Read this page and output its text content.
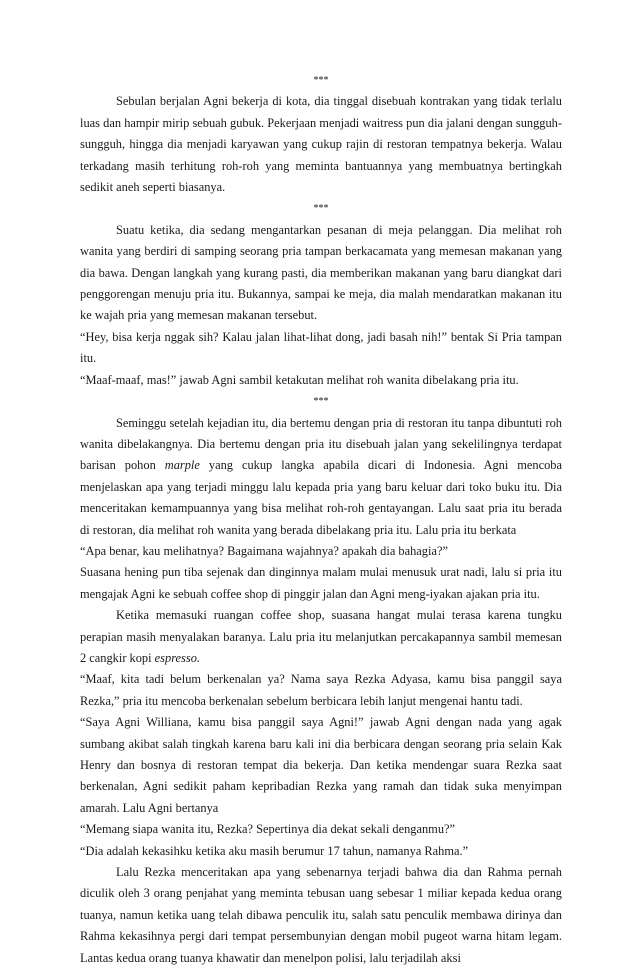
***

Sebulan berjalan Agni bekerja di kota, dia tinggal disebuah kontrakan yang tidak terlalu luas dan hampir mirip sebuah gubuk. Pekerjaan menjadi waitress pun dia jalani dengan sungguh-sungguh, hingga dia menjadi karyawan yang cukup rajin di restoran tempatnya bekerja. Walau terkadang masih terhitung roh-roh yang meminta bantuannya yang membuatnya bertingkah sedikit aneh seperti biasanya.

***

Suatu ketika, dia sedang mengantarkan pesanan di meja pelanggan. Dia melihat roh wanita yang berdiri di samping seorang pria tampan berkacamata yang memesan makanan yang dia bawa. Dengan langkah yang kurang pasti, dia memberikan makanan yang baru diangkat dari penggorengan menuju pria itu. Bukannya, sampai ke meja, dia malah mendaratkan makanan itu ke wajah pria yang memesan makanan tersebut.

“Hey, bisa kerja nggak sih? Kalau jalan lihat-lihat dong, jadi basah nih!” bentak Si Pria tampan itu.

“Maaf-maaf, mas!” jawab Agni sambil ketakutan melihat roh wanita dibelakang pria itu.

***

Seminggu setelah kejadian itu, dia bertemu dengan pria di restoran itu tanpa dibuntuti roh wanita dibelakangnya. Dia bertemu dengan pria itu disebuah jalan yang sekelilingnya terdapat barisan pohon marple yang cukup langka apabila dicari di Indonesia. Agni mencoba menjelaskan apa yang terjadi minggu lalu kepada pria yang baru keluar dari toko buku itu. Dia menceritakan kemampuannya yang bisa melihat roh-roh gentayangan. Lalu saat pria itu berada di restoran, dia melihat roh wanita yang berada dibelakang pria itu. Lalu pria itu berkata

“Apa benar, kau melihatnya? Bagaimana wajahnya? apakah dia bahagia?”

Suasana hening pun tiba sejenak dan dinginnya malam mulai menusuk urat nadi, lalu si pria itu mengajak Agni ke sebuah coffee shop di pinggir jalan dan Agni meng-iyakan ajakan pria itu.

Ketika memasuki ruangan coffee shop, suasana hangat mulai terasa karena tungku perapian masih menyalakan baranya. Lalu pria itu melanjutkan percakapannya sambil memesan 2 cangkir kopi espresso.

“Maaf, kita tadi belum berkenalan ya? Nama saya Rezka Adyasa, kamu bisa panggil saya Rezka,” pria itu mencoba berkenalan sebelum berbicara lebih lanjut mengenai hantu tadi.

“Saya Agni Williana, kamu bisa panggil saya Agni!” jawab Agni dengan nada yang agak sumbang akibat salah tingkah karena baru kali ini dia berbicara dengan seorang pria selain Kak Henry dan bosnya di restoran tempat dia bekerja. Dan ketika mendengar suara Rezka saat berkenalan, Agni sedikit paham kepribadian Rezka yang ramah dan tidak suka menyimpan amarah. Lalu Agni bertanya

“Memang siapa wanita itu, Rezka? Sepertinya dia dekat sekali denganmu?”

“Dia adalah kekasihku ketika aku masih berumur 17 tahun, namanya Rahma.”

Lalu Rezka menceritakan apa yang sebenarnya terjadi bahwa dia dan Rahma pernah diculik oleh 3 orang penjahat yang meminta tebusan uang sebesar 1 miliar kepada kedua orang tuanya, namun ketika uang telah dibawa penculik itu, salah satu penculik membawa dirinya dan Rahma kekasihnya pergi dari tempat persembunyian dengan mobil pugeot warna hitam legam. Lantas kedua orang tuanya khawatir dan menelpon polisi, lalu terjadilah aksi
